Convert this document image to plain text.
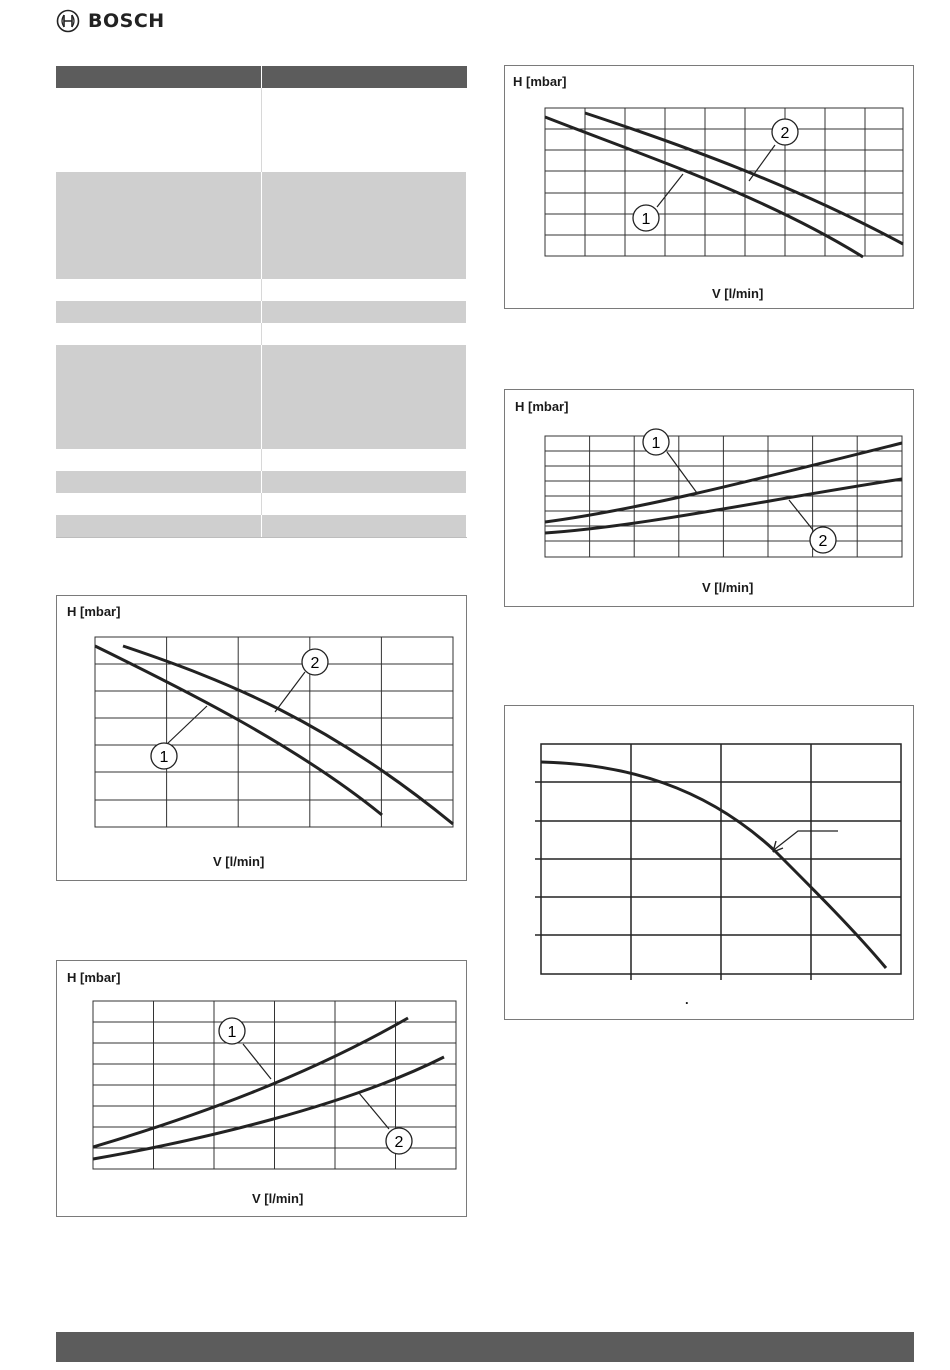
BOSCH

H [mbar]
1
2
V [l/min]
H [mbar]
1
2
V [l/min]
H [mbar]
1
2
V [l/min]
H [mbar]
1
2
V [l/min]
.
